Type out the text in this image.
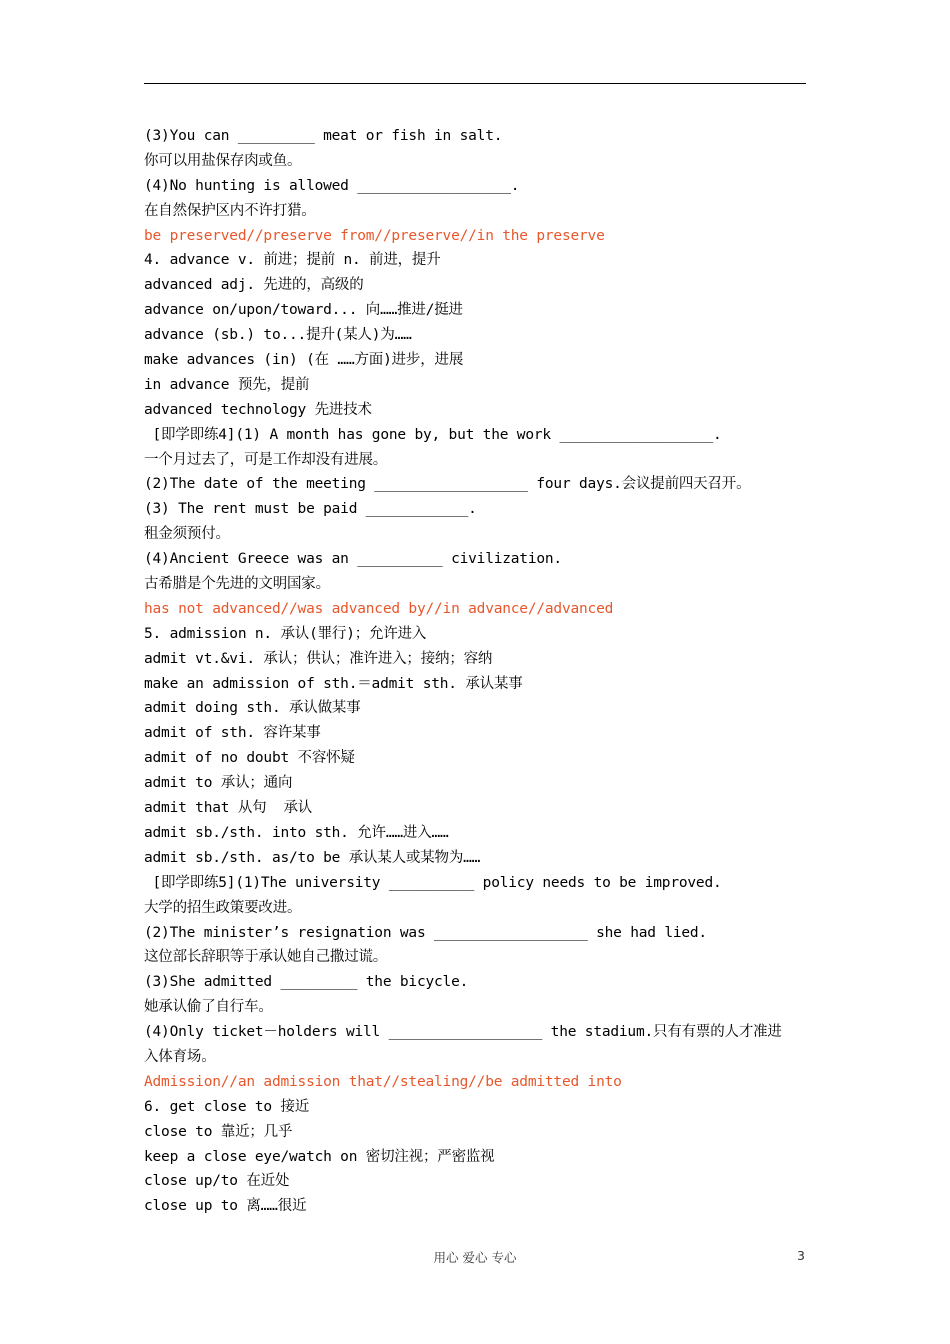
(3)You can _________ meat or fish in salt.
你可以用盐保存肉或鱼。
(4)No hunting is allowed __________________.
在自然保护区内不许打猎。
be preserved//preserve from//preserve//in the preserve
4. advance v. 前进；提前 n. 前进，提升
advanced adj. 先进的，高级的
advance on/upon/toward... 向……推进/挺进
advance (sb.) to...提升(某人)为……
make advances (in) (在 ……方面)进步，进展
in advance 预先，提前
advanced technology 先进技术
[即学即练4](1) A month has gone by, but the work __________________.
一个月过去了，可是工作却没有进展。
(2)The date of the meeting __________________ four days.会议提前四天召开。
(3) The rent must be paid ____________.
租金须预付。
(4)Ancient Greece was an __________ civilization.
古希腊是个先进的文明国家。
has not advanced//was advanced by//in advance//advanced
5. admission n. 承认(罪行)；允许进入
admit vt.&vi. 承认；供认；准许进入；接纳；容纳
make an admission of sth.＝admit sth. 承认某事
admit doing sth. 承认做某事
admit of sth. 容许某事
admit of no doubt 不容怀疑
admit to 承认；通向
admit that 从句  承认
admit sb./sth. into sth. 允许……进入……
admit sb./sth. as/to be 承认某人或某物为……
[即学即练5](1)The university __________ policy needs to be improved.
大学的招生政策要改进。
(2)The minister’s resignation was __________________ she had lied.
这位部长辞职等于承认她自己撒过谎。
(3)She admitted _________ the bicycle.
她承认偷了自行车。
(4)Only ticket－holders will __________________ the stadium.只有有票的人才准进
入体育场。
Admission//an admission that//stealing//be admitted into
6. get close to 接近
close to 靠近；几乎
keep a close eye/watch on 密切注视；严密监视
close up/to 在近处
close up to 离……很近
用心 爱心 专心	3
